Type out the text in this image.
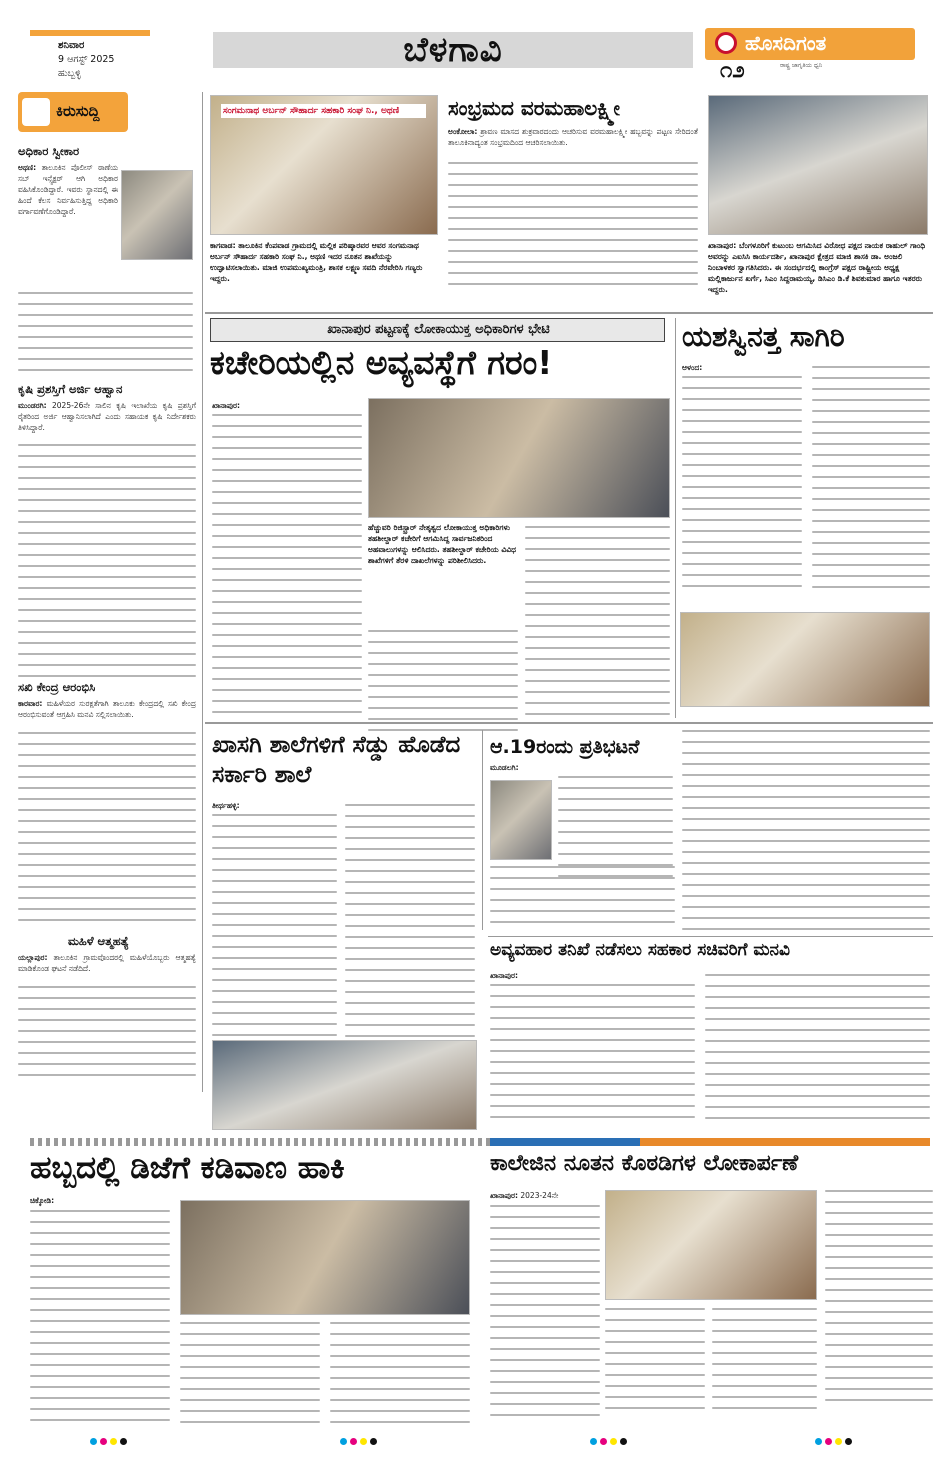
ಶನಿವಾರ
9 ಆಗಸ್ಟ್ 2025
ಹುಬ್ಬಳ್ಳಿ
ಬೆಳಗಾವಿ	ಹೊಸದಿಗಂತ
ರಾಷ್ಟ್ರ ಜಾಗೃತಿಯ ಧ್ವನಿ
೧೨
ಕಿರುಸುದ್ದಿ
ಅಧಿಕಾರ ಸ್ವೀಕಾರ
ಅಥಣಿ: ತಾಲೂಕಿನ ಪೊಲೀಸ್ ಠಾಣೆಯ ಸಬ್ ಇನ್ಸ್ಪೆಕ್ಟರ್ ಆಗಿ ಅಧಿಕಾರ ವಹಿಸಿಕೊಂಡಿದ್ದಾರೆ. ಇವರು ಸ್ಥಾನದಲ್ಲಿ ಈ ಹಿಂದೆ ಕೆಲಸ ನಿರ್ವಹಿಸುತ್ತಿದ್ದ ಅಧಿಕಾರಿ ವರ್ಗಾವಣೆಗೊಂಡಿದ್ದಾರೆ.
ಕೃಷಿ ಪ್ರಶಸ್ತಿಗೆ ಅರ್ಜಿ ಆಹ್ವಾನ
ಮುಂಡರಗಿ: 2025-26ನೇ ಸಾಲಿನ ಕೃಷಿ ಇಲಾಖೆಯ ಕೃಷಿ ಪ್ರಶಸ್ತಿಗೆ ರೈತರಿಂದ ಅರ್ಜಿ ಆಹ್ವಾನಿಸಲಾಗಿದೆ ಎಂದು ಸಹಾಯಕ ಕೃಷಿ ನಿರ್ದೇಶಕರು ತಿಳಿಸಿದ್ದಾರೆ.
ಸಖಿ ಕೇಂದ್ರ ಆರಂಭಿಸಿ
ಕಾರವಾರ: ಮಹಿಳೆಯರ ಸುರಕ್ಷತೆಗಾಗಿ ತಾಲೂಕು ಕೇಂದ್ರದಲ್ಲಿ ಸಖಿ ಕೇಂದ್ರ ಆರಂಭಿಸುವಂತೆ ಆಗ್ರಹಿಸಿ ಮನವಿ ಸಲ್ಲಿಸಲಾಯಿತು.
ಮಹಿಳೆ ಆತ್ಮಹತ್ಯೆ
ಯಲ್ಲಾಪುರ: ತಾಲೂಕಿನ ಗ್ರಾಮವೊಂದರಲ್ಲಿ ಮಹಿಳೆಯೊಬ್ಬರು ಆತ್ಮಹತ್ಯೆ ಮಾಡಿಕೊಂಡ ಘಟನೆ ನಡೆದಿದೆ.
ಸಂಗಮನಾಥ ಅರ್ಬನ್ ಸೌಹಾರ್ದ ಸಹಕಾರಿ ಸಂಘ ನಿ., ಅಥಣಿ
ಕಾಗವಾಡ: ತಾಲೂಕಿನ ಕೆಂಪವಾಡ ಗ್ರಾಮದಲ್ಲಿ ಮಲ್ಲಿಕ ಪರಿಷ್ಕಾರವರ ಆವರ ಸಂಗಮನಾಥ ಅರ್ಬನ್ ಸೌಹಾರ್ದ ಸಹಕಾರಿ ಸಂಘ ನಿ., ಅಥಣಿ ಇದರ ನೂತನ ಶಾಖೆಯನ್ನು ಉದ್ಘಾಟಿಸಲಾಯಿತು. ಮಾಜಿ ಉಪಮುಖ್ಯಮಂತ್ರಿ, ಶಾಸಕ ಲಕ್ಷ್ಮಣ ಸವದಿ ನೆರವೇರಿಸಿ ಗಣ್ಯರು ಇದ್ದರು.
ಸಂಭ್ರಮದ ವರಮಹಾಲಕ್ಷ್ಮೀ
ಅಂಕೋಲಾ: ಶ್ರಾವಣ ಮಾಸದ ಶುಕ್ರವಾರದಂದು ಆಚರಿಸುವ ವರಮಹಾಲಕ್ಷ್ಮೀ ಹಬ್ಬವನ್ನು ಪಟ್ಟಣ ಸೇರಿದಂತೆ ತಾಲೂಕಿನಾದ್ಯಂತ ಸಂಭ್ರಮದಿಂದ ಆಚರಿಸಲಾಯಿತು.
ಖಾನಾಪುರ: ಬೆಂಗಳೂರಿಗೆ ಕುಟುಂಬ ಆಗಮಿಸಿದ ವಿರೋಧ ಪಕ್ಷದ ನಾಯಕ ರಾಹುಲ್ ಗಾಂಧಿ ಅವರನ್ನು ಎಐಸಿಸಿ ಕಾರ್ಯದರ್ಶಿ, ಖಾನಾಪುರ ಕ್ಷೇತ್ರದ ಮಾಜಿ ಶಾಸಕಿ ಡಾ. ಅಂಜಲಿ ನಿಂಬಾಳಕರ ಸ್ವಾಗತಿಸಿದರು. ಈ ಸಂದರ್ಭದಲ್ಲಿ ಕಾಂಗ್ರೆಸ್ ಪಕ್ಷದ ರಾಷ್ಟ್ರೀಯ ಅಧ್ಯಕ್ಷ ಮಲ್ಲಿಕಾರ್ಜುನ ಖರ್ಗೆ, ಸಿಎಂ ಸಿದ್ದರಾಮಯ್ಯ, ಡಿಸಿಎಂ ಡಿ.ಕೆ ಶಿವಕುಮಾರ ಹಾಗೂ ಇತರರು ಇದ್ದರು.
ಖಾನಾಪುರ ಪಟ್ಟಣಕ್ಕೆ ಲೋಕಾಯುಕ್ತ ಅಧಿಕಾರಿಗಳ ಭೇಟಿ
ಕಚೇರಿಯಲ್ಲಿನ ಅವ್ಯವಸ್ಥೆಗೆ ಗರಂ!
ಖಾನಾಪುರ:
ಹೆಚ್ಚುವರಿ ರಿಜಿಸ್ಟ್ರಾರ್ ನೇತೃತ್ವದ ಲೋಕಾಯುಕ್ತ ಅಧಿಕಾರಿಗಳು ತಹಶೀಲ್ದಾರ್ ಕಚೇರಿಗೆ ಆಗಮಿಸಿದ್ದ ಸಾರ್ವಜನಿಕರಿಂದ ಅಹವಾಲುಗಳನ್ನು ಆಲಿಸಿದರು. ತಹಶೀಲ್ದಾರ್ ಕಚೇರಿಯ ವಿವಿಧ ಶಾಖೆಗಳಿಗೆ ತೆರಳಿ ದಾಖಲೆಗಳನ್ನು ಪರಿಶೀಲಿಸಿದರು.
ಯಶಸ್ವಿನತ್ತ ಸಾಗಿರಿ
ಆಳಂದ:
ಖಾಸಗಿ ಶಾಲೆಗಳಿಗೆ ಸೆಡ್ಡು ಹೊಡೆದ ಸರ್ಕಾರಿ ಶಾಲೆ
ತೀರ್ಥಹಳ್ಳಿ:
ಆ.19ರಂದು ಪ್ರತಿಭಟನೆ
ಮೂಡಲಗಿ:
ಅವ್ಯವಹಾರ ತನಿಖೆ ನಡೆಸಲು ಸಹಕಾರ ಸಚಿವರಿಗೆ ಮನವಿ
ಖಾನಾಪುರ:
ಹಬ್ಬದಲ್ಲಿ ಡಿಜೆಗೆ ಕಡಿವಾಣ ಹಾಕಿ
ಚಿಕ್ಕೋಡಿ:
ಕಾಲೇಜಿನ ನೂತನ ಕೊಠಡಿಗಳ ಲೋಕಾರ್ಪಣೆ
ಖಾನಾಪುರ: 2023-24ನೇ
